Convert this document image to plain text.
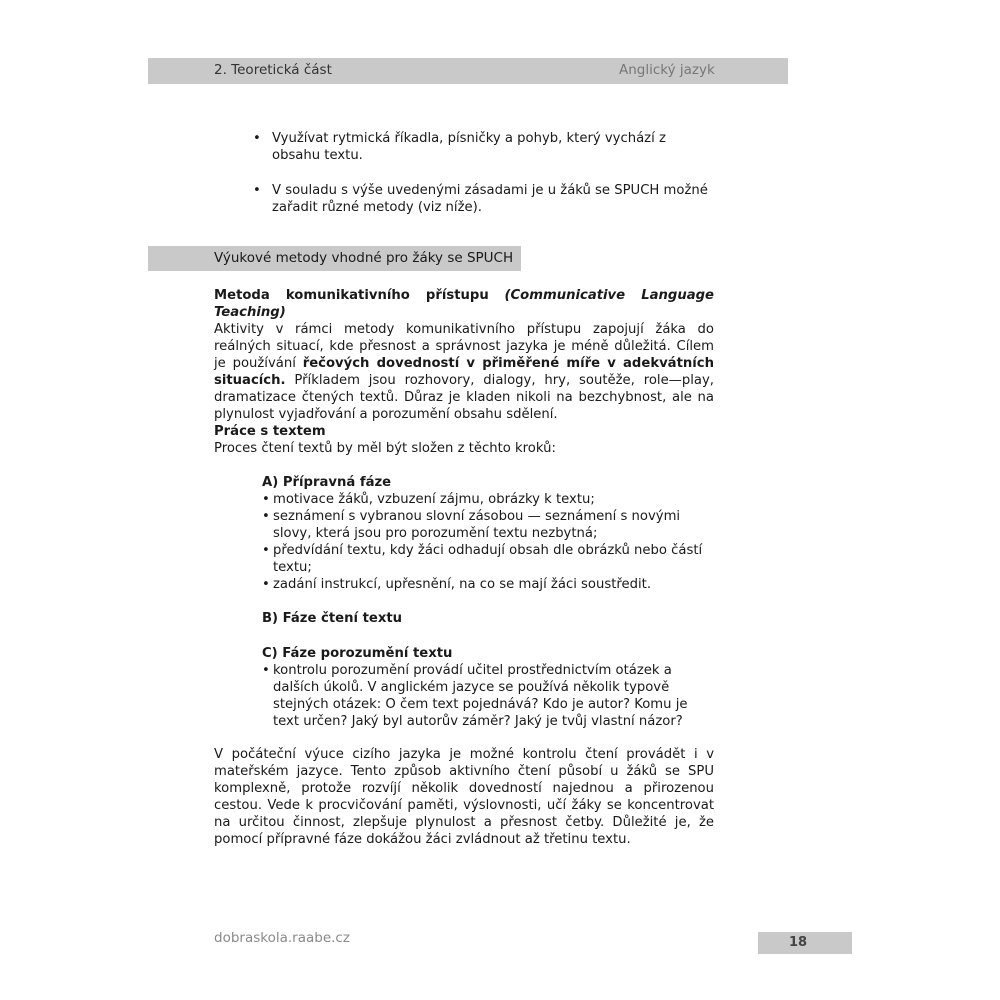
2. Teoretická část	Anglický jazyk
• Využívat rytmická říkadla, písničky a pohyb, který vychází z obsahu textu.
• V souladu s výše uvedenými zásadami je u žáků se SPUCH možné zařadit různé metody (viz níže).
Výukové metody vhodné pro žáky se SPUCH
Metoda komunikativního přístupu (Communicative Language Teaching)
Aktivity v rámci metody komunikativního přístupu zapojují žáka do reálných situací, kde přesnost a správnost jazyka je méně důležitá. Cílem je používání řečových dovedností v přiměřené míře v adekvátních situacích. Příkladem jsou rozhovory, dialogy, hry, soutěže, role—play, dramatizace čtených textů. Důraz je kladen nikoli na bezchybnost, ale na plynulost vyjadřování a porozumění obsahu sdělení.
Práce s textem
Proces čtení textů by měl být složen z těchto kroků:
A) Přípravná fáze
• motivace žáků, vzbuzení zájmu, obrázky k textu;
• seznámení s vybranou slovní zásobou — seznámení s novými slovy, která jsou pro porozumění textu nezbytná;
• předvídání textu, kdy žáci odhadují obsah dle obrázků nebo částí textu;
• zadání instrukcí, upřesnění, na co se mají žáci soustředit.
B) Fáze čtení textu
C) Fáze porozumění textu
• kontrolu porozumění provádí učitel prostřednictvím otázek a dalších úkolů. V anglickém jazyce se používá několik typově stejných otázek: O čem text pojednává? Kdo je autor? Komu je text určen? Jaký byl autorův záměr? Jaký je tvůj vlastní názor?
V počáteční výuce cizího jazyka je možné kontrolu čtení provádět i v mateřském jazyce. Tento způsob aktivního čtení působí u žáků se SPU komplexně, protože rozvíjí několik dovedností najednou a přirozenou cestou. Vede k procvičování paměti, výslovnosti, učí žáky se koncentrovat na určitou činnost, zlepšuje plynulost a přesnost četby. Důležité je, že pomocí přípravné fáze dokážou žáci zvládnout až třetinu textu.
dobraskola.raabe.cz	18
